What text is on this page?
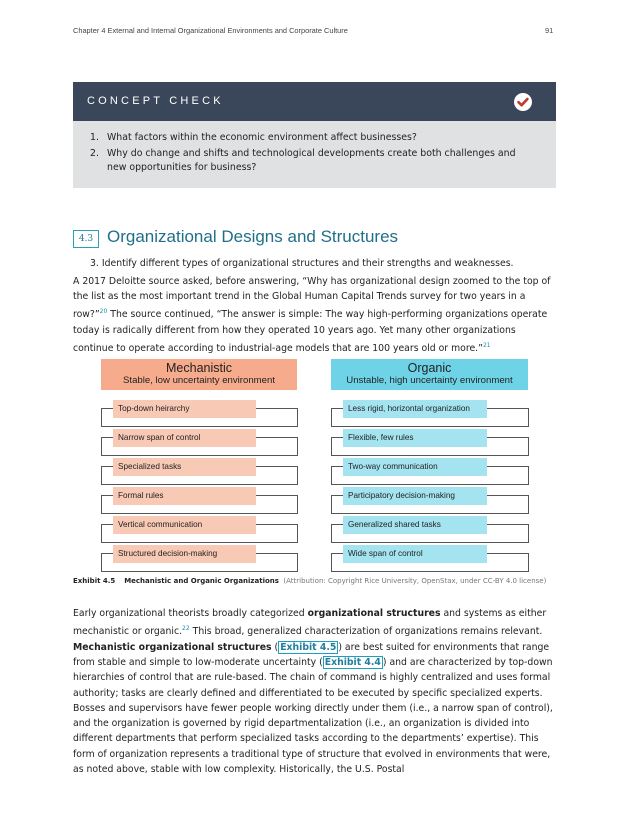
Chapter 4 External and Internal Organizational Environments and Corporate Culture	91
CONCEPT CHECK
1. What factors within the economic environment affect businesses?
2. Why do change and shifts and technological developments create both challenges and new opportunities for business?
4.3 Organizational Designs and Structures
3. Identify different types of organizational structures and their strengths and weaknesses.
A 2017 Deloitte source asked, before answering, “Why has organizational design zoomed to the top of the list as the most important trend in the Global Human Capital Trends survey for two years in a row?”$^{20}$ The source continued, “The answer is simple: The way high-performing organizations operate today is radically different from how they operated 10 years ago. Yet many other organizations continue to operate according to industrial-age models that are 100 years old or more.”$^{21}$
Mechanistic
Stable, low uncertainty environment
Organic
Unstable, high uncertainty environment
Top-down heirarchy
Narrow span of control
Specialized tasks
Formal rules
Vertical communication
Structured decision-making
Less rigid, horizontal organization
Flexible, few rules
Two-way communication
Participatory decision-making
Generalized shared tasks
Wide span of control
Exhibit 4.5 Mechanistic and Organic Organizations (Attribution: Copyright Rice University, OpenStax, under CC-BY 4.0 license)
Early organizational theorists broadly categorized organizational structures and systems as either mechanistic or organic.$^{22}$ This broad, generalized characterization of organizations remains relevant. Mechanistic organizational structures ( Exhibit 4.5 ) are best suited for environments that range from stable and simple to low-moderate uncertainty ( Exhibit 4.4 ) and are characterized by top-down hierarchies of control that are rule-based. The chain of command is highly centralized and uses formal authority; tasks are clearly defined and differentiated to be executed by specific specialized experts. Bosses and supervisors have fewer people working directly under them (i.e., a narrow span of control), and the organization is governed by rigid departmentalization (i.e., an organization is divided into different departments that perform specialized tasks according to the departments’ expertise). This form of organization represents a traditional type of structure that evolved in environments that were, as noted above, stable with low complexity. Historically, the U.S. Postal
